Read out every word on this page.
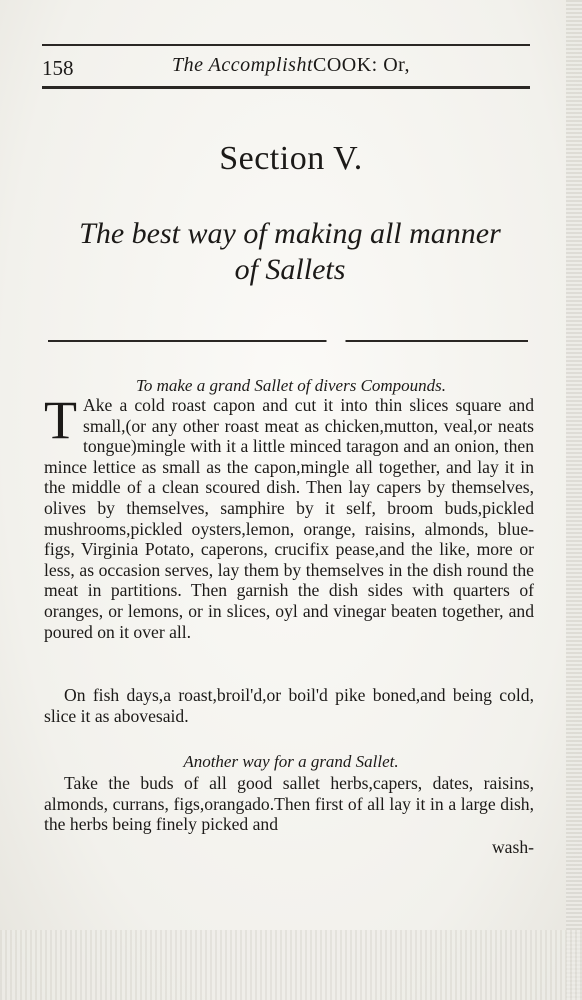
158	The AccomplishtCOOK: Or,
Section V.
The best way of making all manner
of Sallets
To make a grand Sallet of divers Compounds.
T Ake a cold roast capon and cut it into thin slices square and small,(or any other roast meat as chicken,mutton, veal,or neats tongue)mingle with it a little minced taragon and an onion, then mince lettice as small as the capon,mingle all together, and lay it in the middle of a clean scoured dish. Then lay capers by themselves, olives by themselves, samphire by it self, broom buds,pickled mushrooms,pickled oysters,lemon, orange, raisins, almonds, blue-figs, Virginia Potato, caperons, crucifix pease,and the like, more or less, as occasion serves, lay them by themselves in the dish round the meat in partitions. Then garnish the dish sides with quarters of oranges, or lemons, or in slices, oyl and vinegar beaten together, and poured on it over all.
On fish days,a roast,broil'd,or boil'd pike boned,and being cold, slice it as abovesaid.
Another way for a grand Sallet.
Take the buds of all good sallet herbs,capers, dates, raisins, almonds, currans, figs,orangado.Then first of all lay it in a large dish, the herbs being finely picked and
wash-
